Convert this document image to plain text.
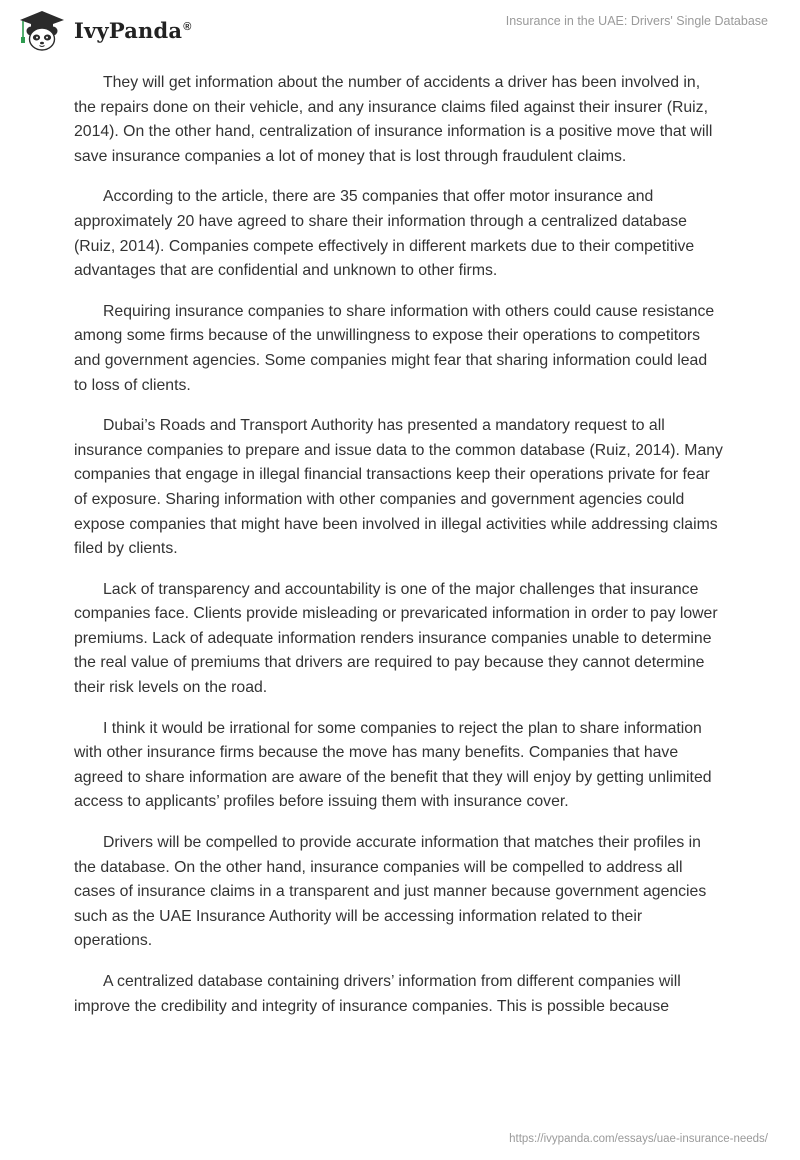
IvyPanda®	Insurance in the UAE: Drivers' Single Database

They will get information about the number of accidents a driver has been involved in, the repairs done on their vehicle, and any insurance claims filed against their insurer (Ruiz, 2014). On the other hand, centralization of insurance information is a positive move that will save insurance companies a lot of money that is lost through fraudulent claims.

According to the article, there are 35 companies that offer motor insurance and approximately 20 have agreed to share their information through a centralized database (Ruiz, 2014). Companies compete effectively in different markets due to their competitive advantages that are confidential and unknown to other firms.

Requiring insurance companies to share information with others could cause resistance among some firms because of the unwillingness to expose their operations to competitors and government agencies. Some companies might fear that sharing information could lead to loss of clients.

Dubai’s Roads and Transport Authority has presented a mandatory request to all insurance companies to prepare and issue data to the common database (Ruiz, 2014). Many companies that engage in illegal financial transactions keep their operations private for fear of exposure. Sharing information with other companies and government agencies could expose companies that might have been involved in illegal activities while addressing claims filed by clients.

Lack of transparency and accountability is one of the major challenges that insurance companies face. Clients provide misleading or prevaricated information in order to pay lower premiums. Lack of adequate information renders insurance companies unable to determine the real value of premiums that drivers are required to pay because they cannot determine their risk levels on the road.

I think it would be irrational for some companies to reject the plan to share information with other insurance firms because the move has many benefits. Companies that have agreed to share information are aware of the benefit that they will enjoy by getting unlimited access to applicants’ profiles before issuing them with insurance cover.

Drivers will be compelled to provide accurate information that matches their profiles in the database. On the other hand, insurance companies will be compelled to address all cases of insurance claims in a transparent and just manner because government agencies such as the UAE Insurance Authority will be accessing information related to their operations.

A centralized database containing drivers’ information from different companies will improve the credibility and integrity of insurance companies. This is possible because

https://ivypanda.com/essays/uae-insurance-needs/
